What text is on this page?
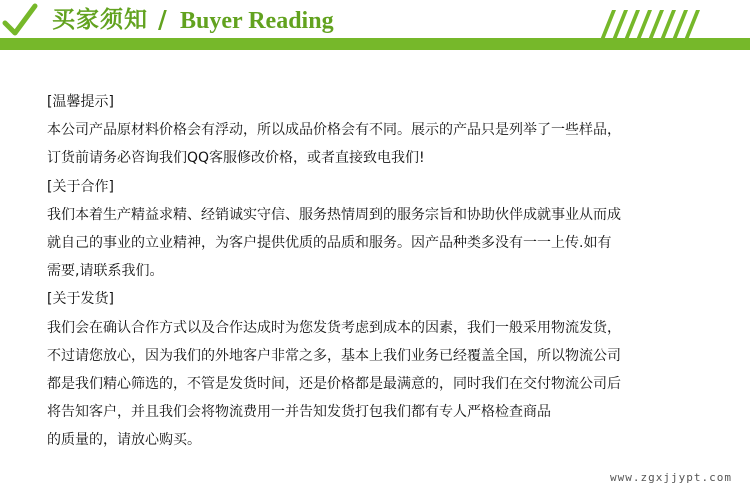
买家须知 / Buyer Reading
[温馨提示]
本公司产品原材料价格会有浮动，所以成品价格会有不同。展示的产品只是列举了一些样品，
订货前请务必咨询我们QQ客服修改价格，或者直接致电我们!
[关于合作]
我们本着生产精益求精、经销诚实守信、服务热情周到的服务宗旨和协助伙伴成就事业从而成
就自己的事业的立业精神，为客户提供优质的品质和服务。因产品种类多没有一一上传.如有
需要,请联系我们。
[关于发货]
我们会在确认合作方式以及合作达成时为您发货考虑到成本的因素，我们一般采用物流发货，
不过请您放心，因为我们的外地客户非常之多，基本上我们业务已经覆盖全国，所以物流公司
都是我们精心筛选的，不管是发货时间，还是价格都是最满意的，同时我们在交付物流公司后
将告知客户，并且我们会将物流费用一并告知发货打包我们都有专人严格检查商品
的质量的，请放心购买。
www.zgxjjypt.com
